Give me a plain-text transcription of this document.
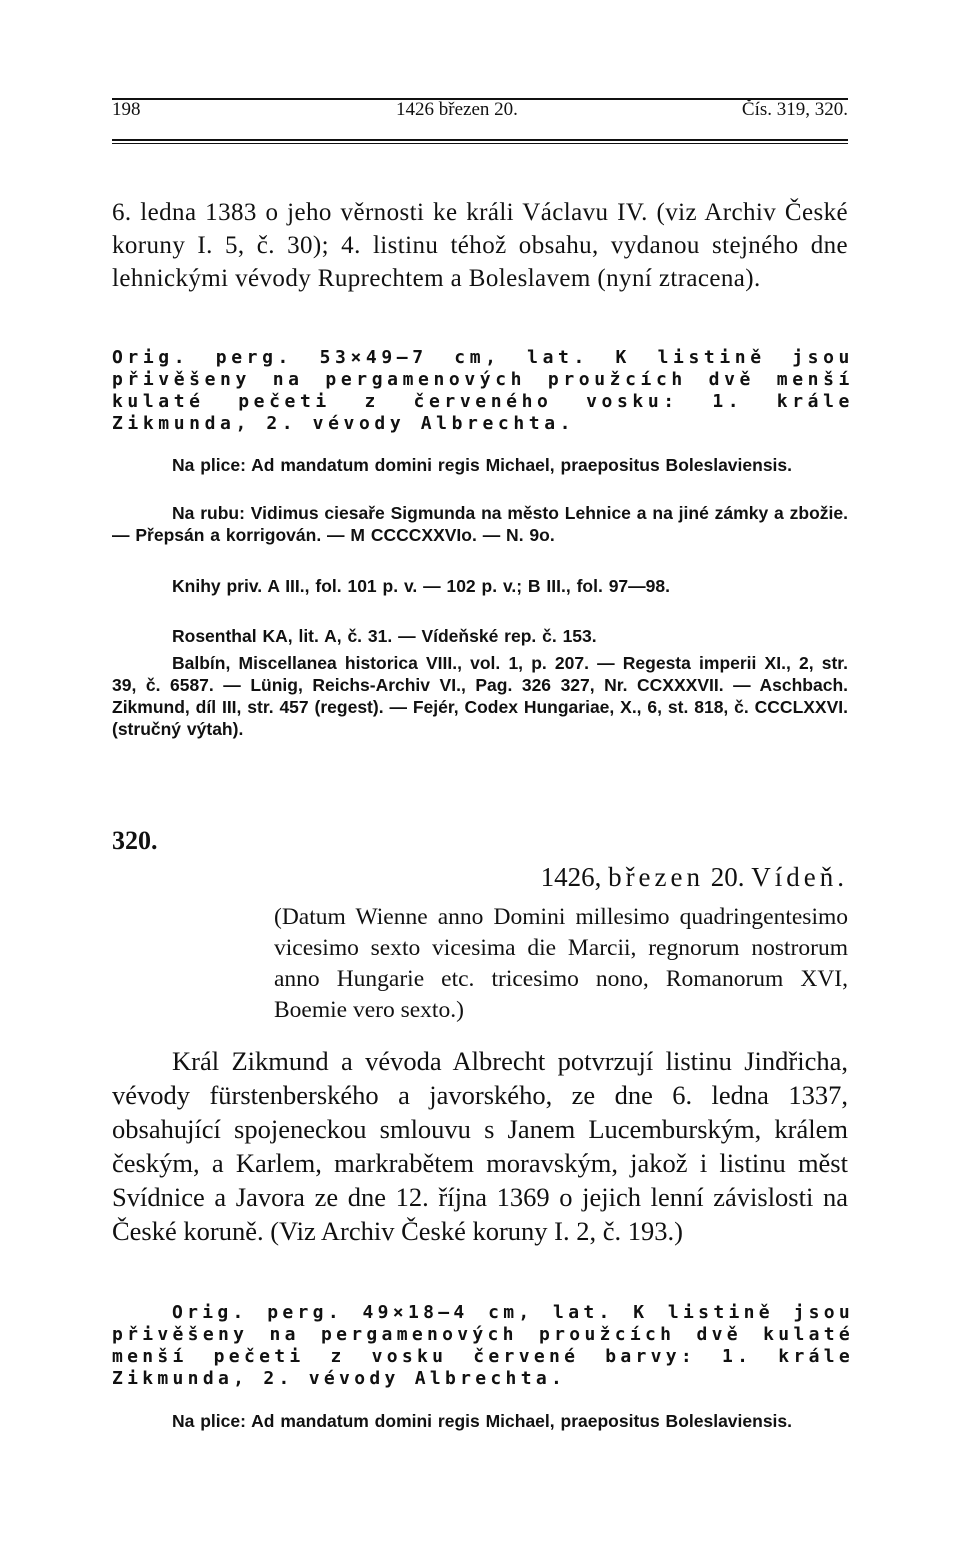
198	1426 březen 20.	Čís. 319, 320.

6. ledna 1383 o jeho věrnosti ke králi Václavu IV. (viz Archiv České koruny I. 5, č. 30); 4. listinu téhož obsahu, vydanou stejného dne lehnickými vévody Ruprechtem a Boleslavem (nyní ztracena).

Orig. perg. 53×49—7 cm, lat. K listině jsou přivěšeny na pergamenových proužcích dvě menší kulaté pečeti z červeného vosku: 1. krále Zikmunda, 2. vévody Albrechta.

Na plice: Ad mandatum domini regis Michael, praepositus Boleslaviensis.

Na rubu: Vidimus ciesaře Sigmunda na město Lehnice a na jiné zámky a zbožie. — Přepsán a korrigován. — M CCCCXXVIo. — N. 9o.

Knihy priv. A III., fol. 101 p. v. — 102 p. v.; B III., fol. 97—98.

Rosenthal KA, lit. A, č. 31. — Vídeňské rep. č. 153.

Balbín, Miscellanea historica VIII., vol. 1, p. 207. — Regesta imperii XI., 2, str. 39, č. 6587. — Lünig, Reichs-Archiv VI., Pag. 326 327, Nr. CCXXXVII. — Aschbach. Zikmund, díl III, str. 457 (regest). — Fejér, Codex Hungariae, X., 6, st. 818, č. CCCLXXVI. (stručný výtah).

320.
1426, březen 20. Vídeň.

(Datum Wienne anno Domini millesimo quadringentesimo vicesimo sexto vicesima die Marcii, regnorum nostrorum anno Hungarie etc. tricesimo nono, Romanorum XVI, Boemie vero sexto.)

Král Zikmund a vévoda Albrecht potvrzují listinu Jindřicha, vévody fürstenberského a javorského, ze dne 6. ledna 1337, obsahující spojeneckou smlouvu s Janem Lucemburským, králem českým, a Karlem, markrabětem moravským, jakož i listinu měst Svídnice a Javora ze dne 12. října 1369 o jejich lenní závislosti na České koruně. (Viz Archiv České koruny I. 2, č. 193.)

Orig. perg. 49×18—4 cm, lat. K listině jsou přivěšeny na pergamenových proužcích dvě kulaté menší pečeti z vosku červené barvy: 1. krále Zikmunda, 2. vévody Albrechta.

Na plice: Ad mandatum domini regis Michael, praepositus Boleslaviensis.
